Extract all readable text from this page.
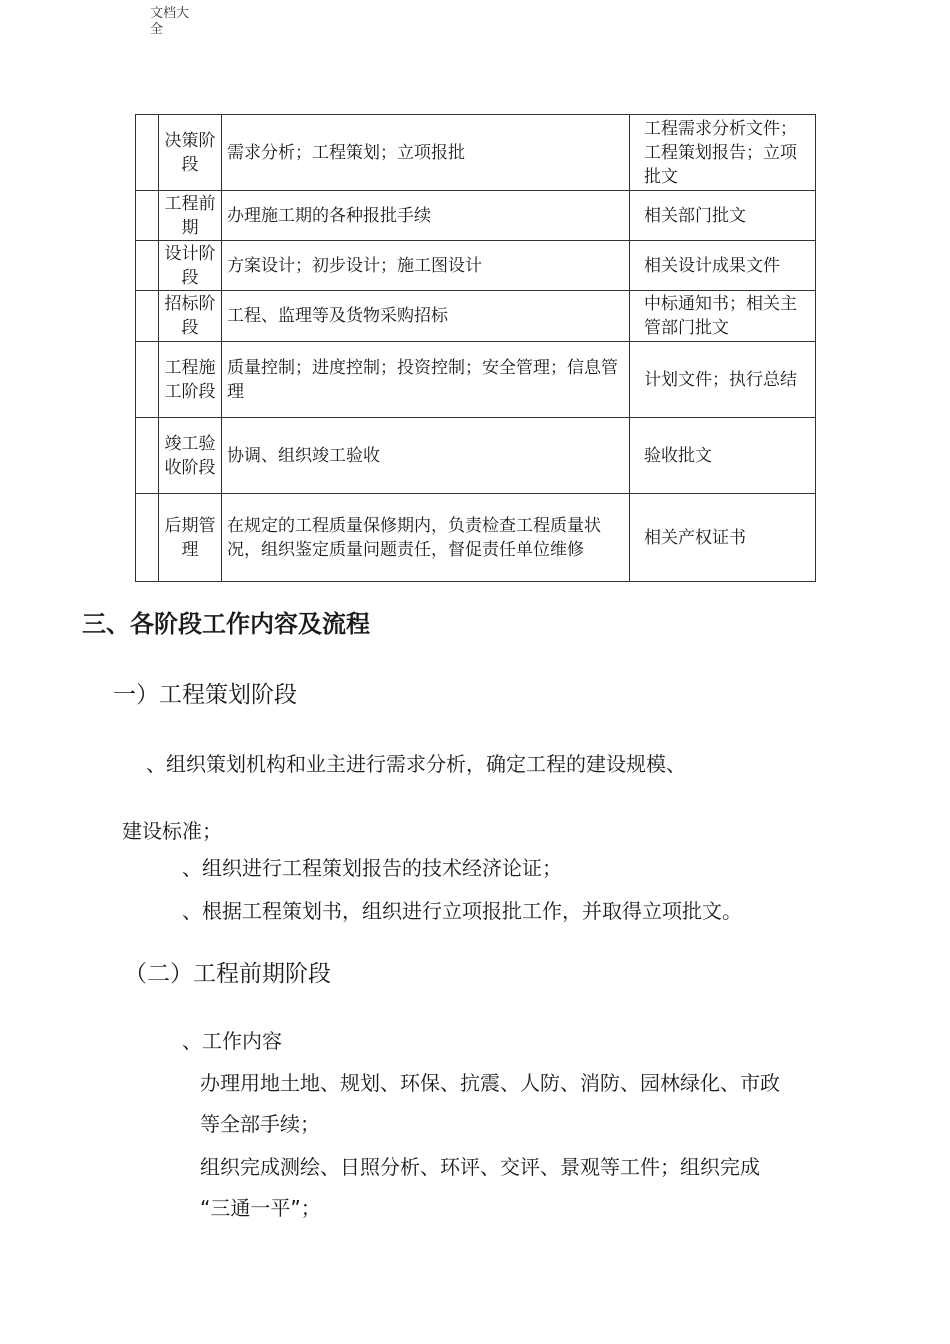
文档大全
	决策阶段	需求分析；工程策划；立项报批	工程需求分析文件；工程策划报告；立项批文
	工程前期	办理施工期的各种报批手续	相关部门批文
	设计阶段	方案设计；初步设计；施工图设计	相关设计成果文件
	招标阶段	工程、监理等及货物采购招标	中标通知书；相关主管部门批文
	工程施工阶段	质量控制；进度控制；投资控制；安全管理；信息管理	计划文件；执行总结
	竣工验收阶段	协调、组织竣工验收	验收批文
	后期管理	在规定的工程质量保修期内，负责检查工程质量状况，组织鉴定质量问题责任，督促责任单位维修	相关产权证书
三、各阶段工作内容及流程
一）工程策划阶段
、组织策划机构和业主进行需求分析，确定工程的建设规模、
建设标准；
、组织进行工程策划报告的技术经济论证；
、根据工程策划书，组织进行立项报批工作，并取得立项批文。
（二）工程前期阶段
、工作内容
办理用地土地、规划、环保、抗震、人防、消防、园林绿化、市政
等全部手续；
组织完成测绘、日照分析、环评、交评、景观等工件；组织完成
“三通一平”；
